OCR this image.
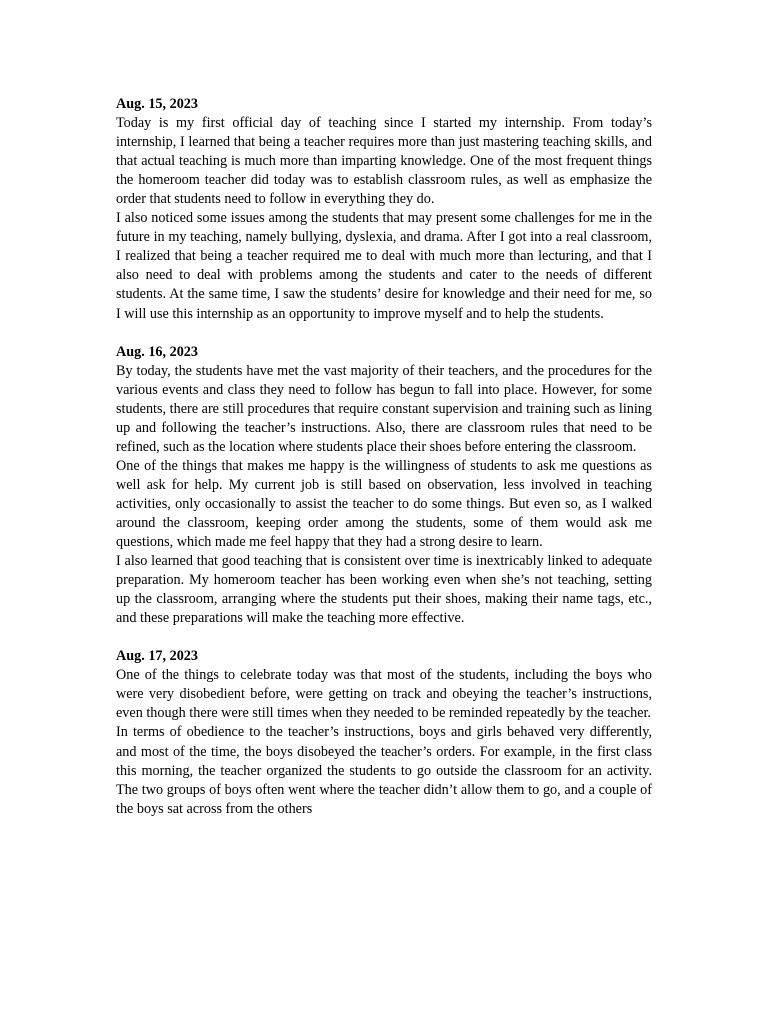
Aug. 15, 2023

Today is my first official day of teaching since I started my internship. From today’s internship, I learned that being a teacher requires more than just mastering teaching skills, and that actual teaching is much more than imparting knowledge. One of the most frequent things the homeroom teacher did today was to establish classroom rules, as well as emphasize the order that students need to follow in everything they do.

I also noticed some issues among the students that may present some challenges for me in the future in my teaching, namely bullying, dyslexia, and drama. After I got into a real classroom, I realized that being a teacher required me to deal with much more than lecturing, and that I also need to deal with problems among the students and cater to the needs of different students. At the same time, I saw the students’ desire for knowledge and their need for me, so I will use this internship as an opportunity to improve myself and to help the students.

Aug. 16, 2023

By today, the students have met the vast majority of their teachers, and the procedures for the various events and class they need to follow has begun to fall into place. However, for some students, there are still procedures that require constant supervision and training such as lining up and following the teacher’s instructions. Also, there are classroom rules that need to be refined, such as the location where students place their shoes before entering the classroom.

One of the things that makes me happy is the willingness of students to ask me questions as well ask for help. My current job is still based on observation, less involved in teaching activities, only occasionally to assist the teacher to do some things. But even so, as I walked around the classroom, keeping order among the students, some of them would ask me questions, which made me feel happy that they had a strong desire to learn.

I also learned that good teaching that is consistent over time is inextricably linked to adequate preparation. My homeroom teacher has been working even when she’s not teaching, setting up the classroom, arranging where the students put their shoes, making their name tags, etc., and these preparations will make the teaching more effective.

Aug. 17, 2023

One of the things to celebrate today was that most of the students, including the boys who were very disobedient before, were getting on track and obeying the teacher’s instructions, even though there were still times when they needed to be reminded repeatedly by the teacher.

In terms of obedience to the teacher’s instructions, boys and girls behaved very differently, and most of the time, the boys disobeyed the teacher’s orders. For example, in the first class this morning, the teacher organized the students to go outside the classroom for an activity. The two groups of boys often went where the teacher didn’t allow them to go, and a couple of the boys sat across from the others
